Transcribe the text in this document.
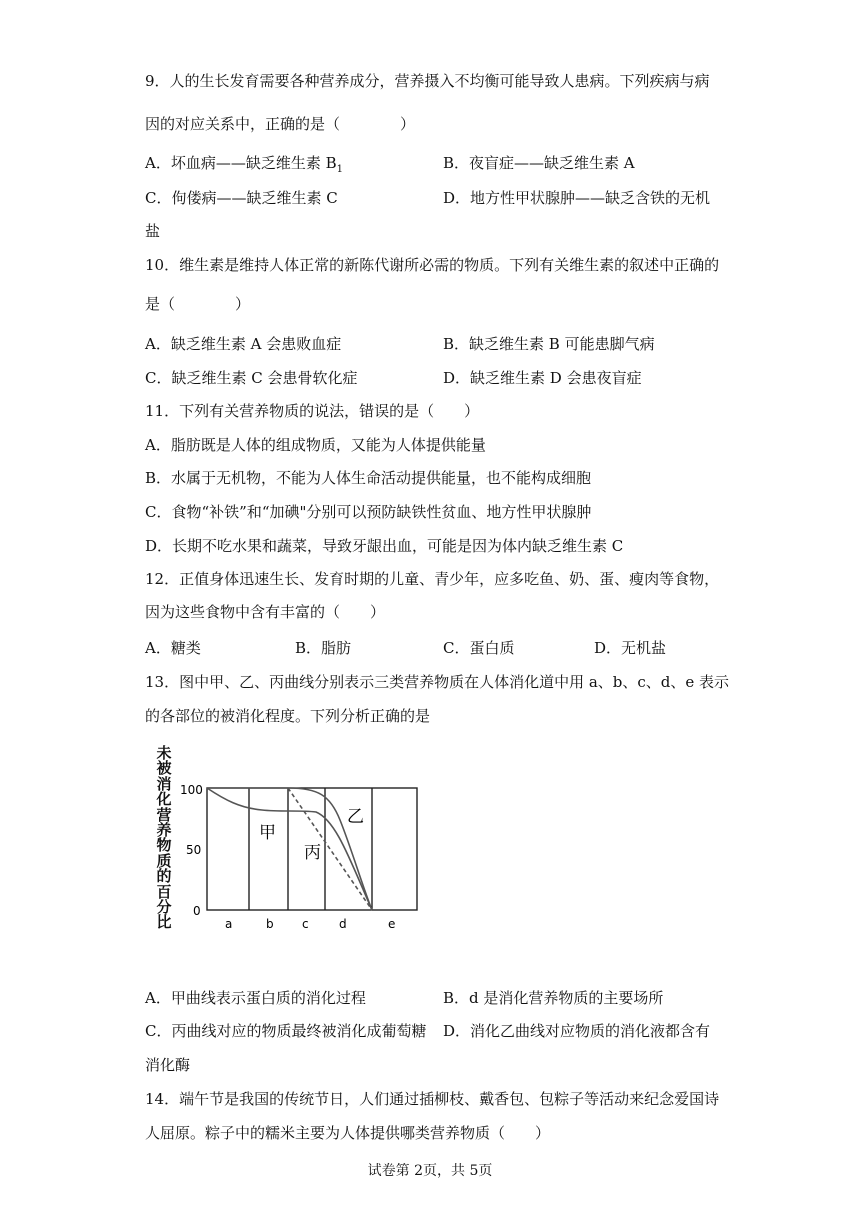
9．人的生长发育需要各种营养成分，营养摄入不均衡可能导致人患病。下列疾病与病
因的对应关系中，正确的是（　　　　）
A．坏血病——缺乏维生素 $B_1$	B．夜盲症——缺乏维生素 A
C．佝偻病——缺乏维生素 C	D．地方性甲状腺肿——缺乏含铁的无机
盐
10．维生素是维持人体正常的新陈代谢所必需的物质。下列有关维生素的叙述中正确的
是（　　　　）
A．缺乏维生素 A 会患败血症	B．缺乏维生素 B 可能患脚气病
C．缺乏维生素 C 会患骨软化症	D．缺乏维生素 D 会患夜盲症
11．下列有关营养物质的说法，错误的是（　　）
A．脂肪既是人体的组成物质，又能为人体提供能量
B．水属于无机物，不能为人体生命活动提供能量，也不能构成细胞
C．食物“补铁”和“加碘"分别可以预防缺铁性贫血、地方性甲状腺肿
D．长期不吃水果和蔬菜，导致牙龈出血，可能是因为体内缺乏维生素 C
12．正值身体迅速生长、发育时期的儿童、青少年，应多吃鱼、奶、蛋、瘦肉等食物，
因为这些食物中含有丰富的（　　）
A．糖类	B．脂肪	C．蛋白质	D．无机盐
13．图中甲、乙、丙曲线分别表示三类营养物质在人体消化道中用 a、b、c、d、e 表示
的各部位的被消化程度。下列分析正确的是
未被消化营养物质的百分比
100
50
0
a	b c	d	e
甲
乙
丙
A．甲曲线表示蛋白质的消化过程	B．d 是消化营养物质的主要场所
C．丙曲线对应的物质最终被消化成葡萄糖 D．消化乙曲线对应物质的消化液都含有
消化酶
14．端午节是我国的传统节日，人们通过插柳枝、戴香包、包粽子等活动来纪念爱国诗
人屈原。粽子中的糯米主要为人体提供哪类营养物质（　　）
试卷第 2页，共 5页
